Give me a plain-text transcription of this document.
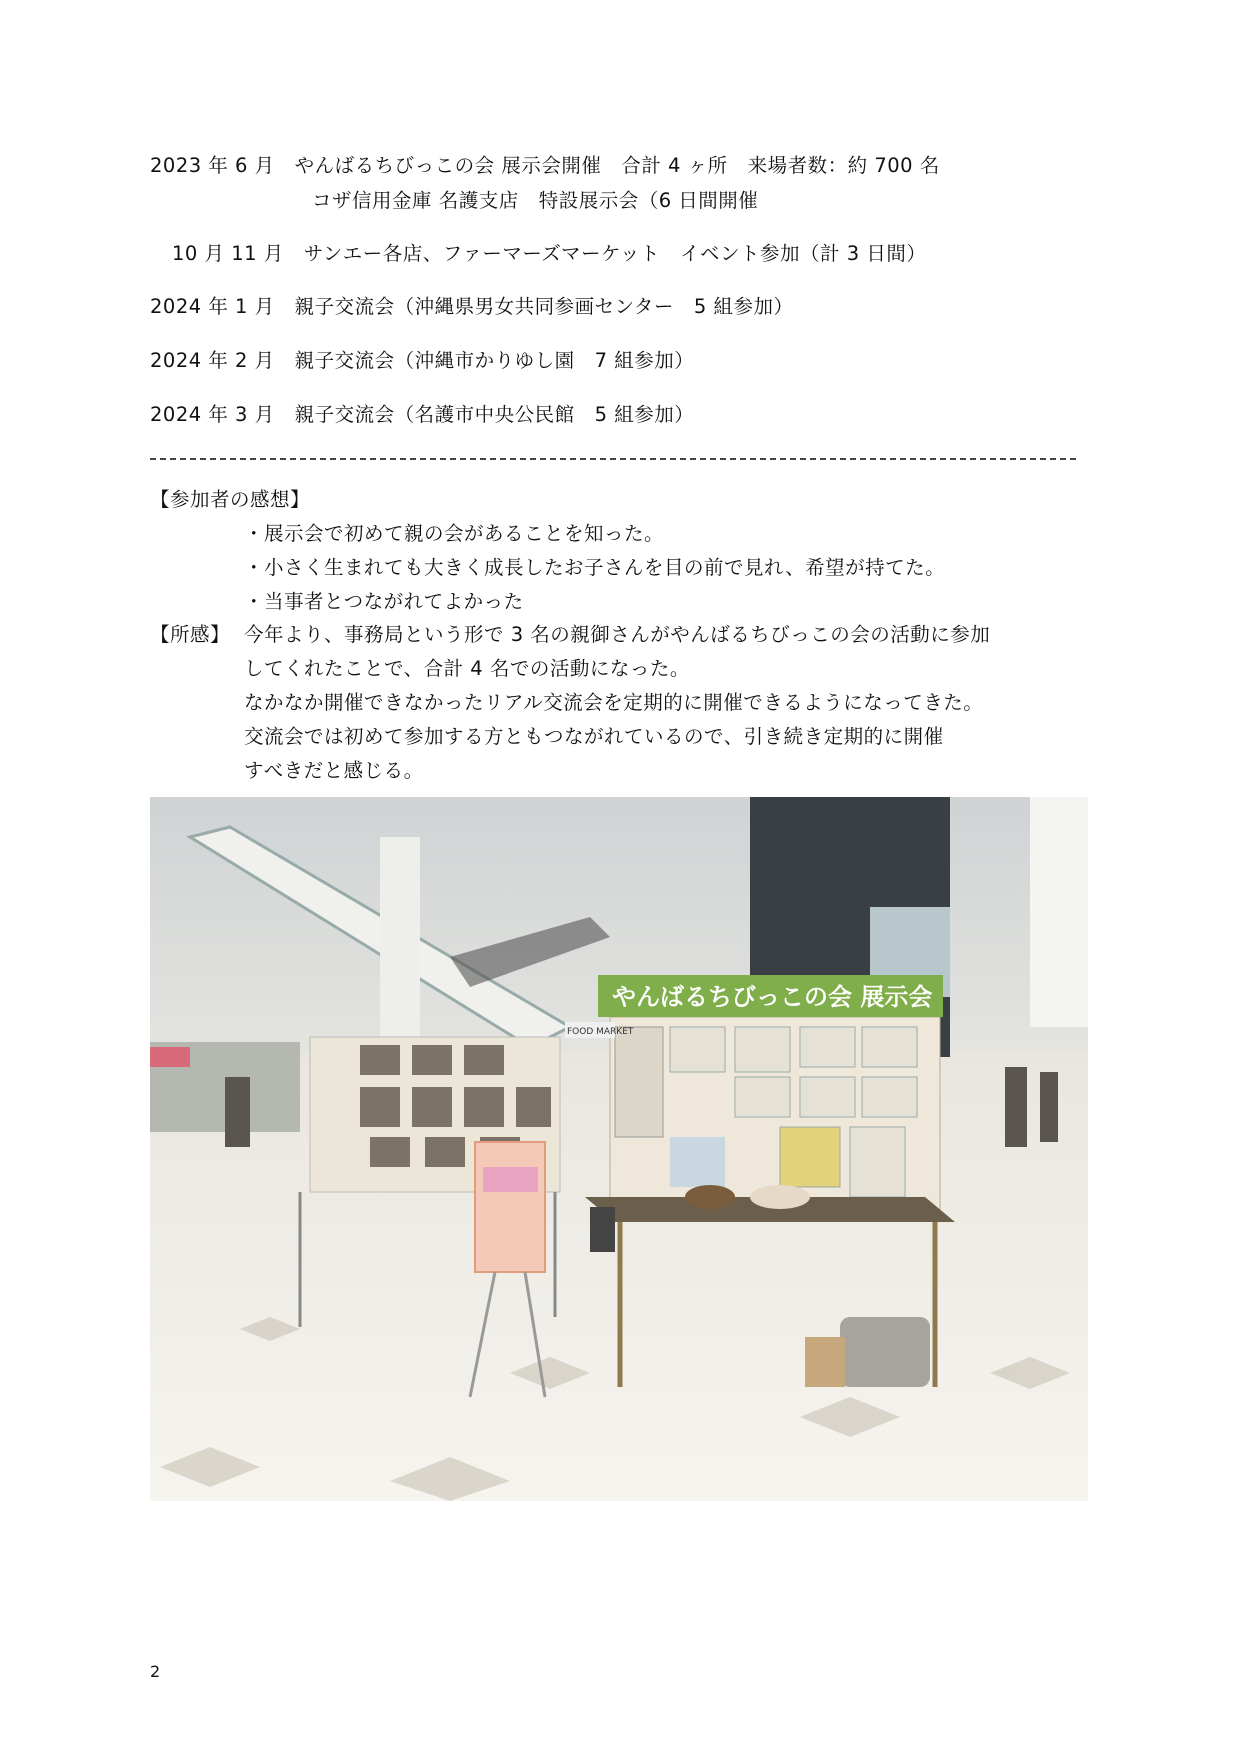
2023 年 6 月　やんばるちびっこの会 展示会開催　合計 4 ヶ所　来場者数：約 700 名
コザ信用金庫 名護支店　特設展示会（6 日間開催
10 月 11 月　サンエー各店、ファーマーズマーケット　イベント参加（計 3 日間）
2024 年 1 月　親子交流会（沖縄県男女共同参画センター　5 組参加）
2024 年 2 月　親子交流会（沖縄市かりゆし園　7 組参加）
2024 年 3 月　親子交流会（名護市中央公民館　5 組参加）
【参加者の感想】
・展示会で初めて親の会があることを知った。
・小さく生まれても大きく成長したお子さんを目の前で見れ、希望が持てた。
・当事者とつながれてよかった
【所感】 今年より、事務局という形で 3 名の親御さんがやんばるちびっこの会の活動に参加
してくれたことで、合計 4 名での活動になった。
なかなか開催できなかったリアル交流会を定期的に開催できるようになってきた。
交流会では初めて参加する方ともつながれているので、引き続き定期的に開催
すべきだと感じる。
やんばるちびっこの会 展示会
FOOD MARKET
2
